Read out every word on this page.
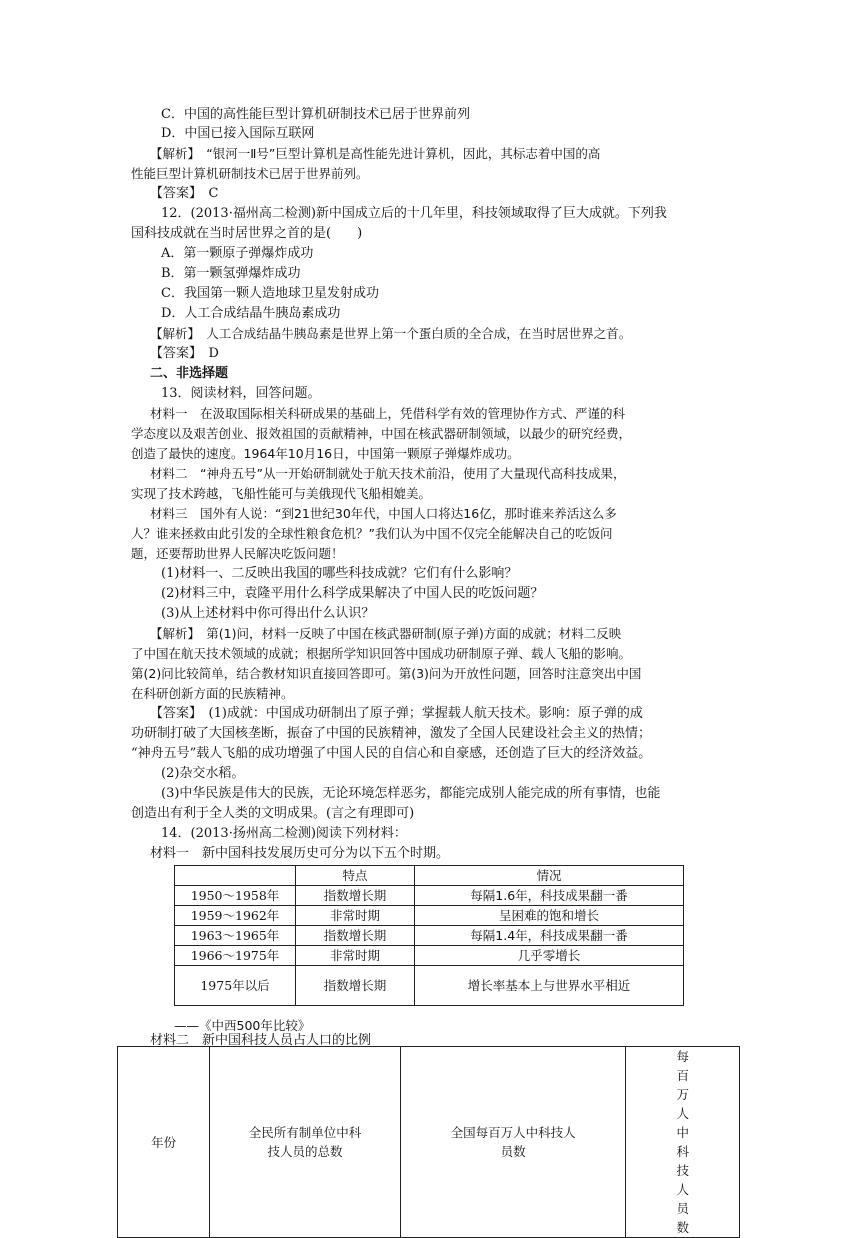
C．中国的高性能巨型计算机研制技术已居于世界前列
D．中国已接入国际互联网
【解析】　“银河一Ⅱ号”巨型计算机是高性能先进计算机，因此，其标志着中国的高
性能巨型计算机研制技术已居于世界前列。
【答案】　C
12．(2013·福州高二检测)新中国成立后的十几年里，科技领域取得了巨大成就。下列我
国科技成就在当时居世界之首的是(　　)
A．第一颗原子弹爆炸成功
B．第一颗氢弹爆炸成功
C．我国第一颗人造地球卫星发射成功
D．人工合成结晶牛胰岛素成功
【解析】　人工合成结晶牛胰岛素是世界上第一个蛋白质的全合成，在当时居世界之首。
【答案】　D
二、非选择题
13．阅读材料，回答问题。
材料一　在汲取国际相关科研成果的基础上，凭借科学有效的管理协作方式、严谨的科
学态度以及艰苦创业、报效祖国的贡献精神，中国在核武器研制领域，以最少的研究经费，
创造了最快的速度。1964年10月16日，中国第一颗原子弹爆炸成功。
材料二　“神舟五号”从一开始研制就处于航天技术前沿，使用了大量现代高科技成果，
实现了技术跨越，飞船性能可与美俄现代飞船相媲美。
材料三　国外有人说：“到21世纪30年代，中国人口将达16亿，那时谁来养活这么多
人？谁来拯救由此引发的全球性粮食危机？”我们认为中国不仅完全能解决自己的吃饭问
题，还要帮助世界人民解决吃饭问题！
(1)材料一、二反映出我国的哪些科技成就？它们有什么影响？
(2)材料三中，袁隆平用什么科学成果解决了中国人民的吃饭问题？
(3)从上述材料中你可得出什么认识？
【解析】　第(1)问，材料一反映了中国在核武器研制(原子弹)方面的成就；材料二反映
了中国在航天技术领域的成就；根据所学知识回答中国成功研制原子弹、载人飞船的影响。
第(2)问比较简单，结合教材知识直接回答即可。第(3)问为开放性问题，回答时注意突出中国
在科研创新方面的民族精神。
【答案】　(1)成就：中国成功研制出了原子弹；掌握载人航天技术。影响：原子弹的成
功研制打破了大国核垄断，振奋了中国的民族精神，激发了全国人民建设社会主义的热情；
“神舟五号”载人飞船的成功增强了中国人民的自信心和自豪感，还创造了巨大的经济效益。
(2)杂交水稻。
(3)中华民族是伟大的民族，无论环境怎样恶劣，都能完成别人能完成的所有事情，也能
创造出有利于全人类的文明成果。(言之有理即可)
14．(2013·扬州高二检测)阅读下列材料：
材料一　新中国科技发展历史可分为以下五个时期。
	特点	情况
1950～1958年	指数增长期	每隔1.6年，科技成果翻一番
1959～1962年	非常时期	呈困难的饱和增长
1963～1965年	指数增长期	每隔1.4年，科技成果翻一番
1966～1975年	非常时期	几乎零增长
1975年以后	指数增长期	增长率基本上与世界水平相近
——《中西500年比较》
材料二　新中国科技人员占人口的比例
年份	全民所有制单位中科技人员的总数	全国每百万人中科技人员数	每百万人中科技人员数
